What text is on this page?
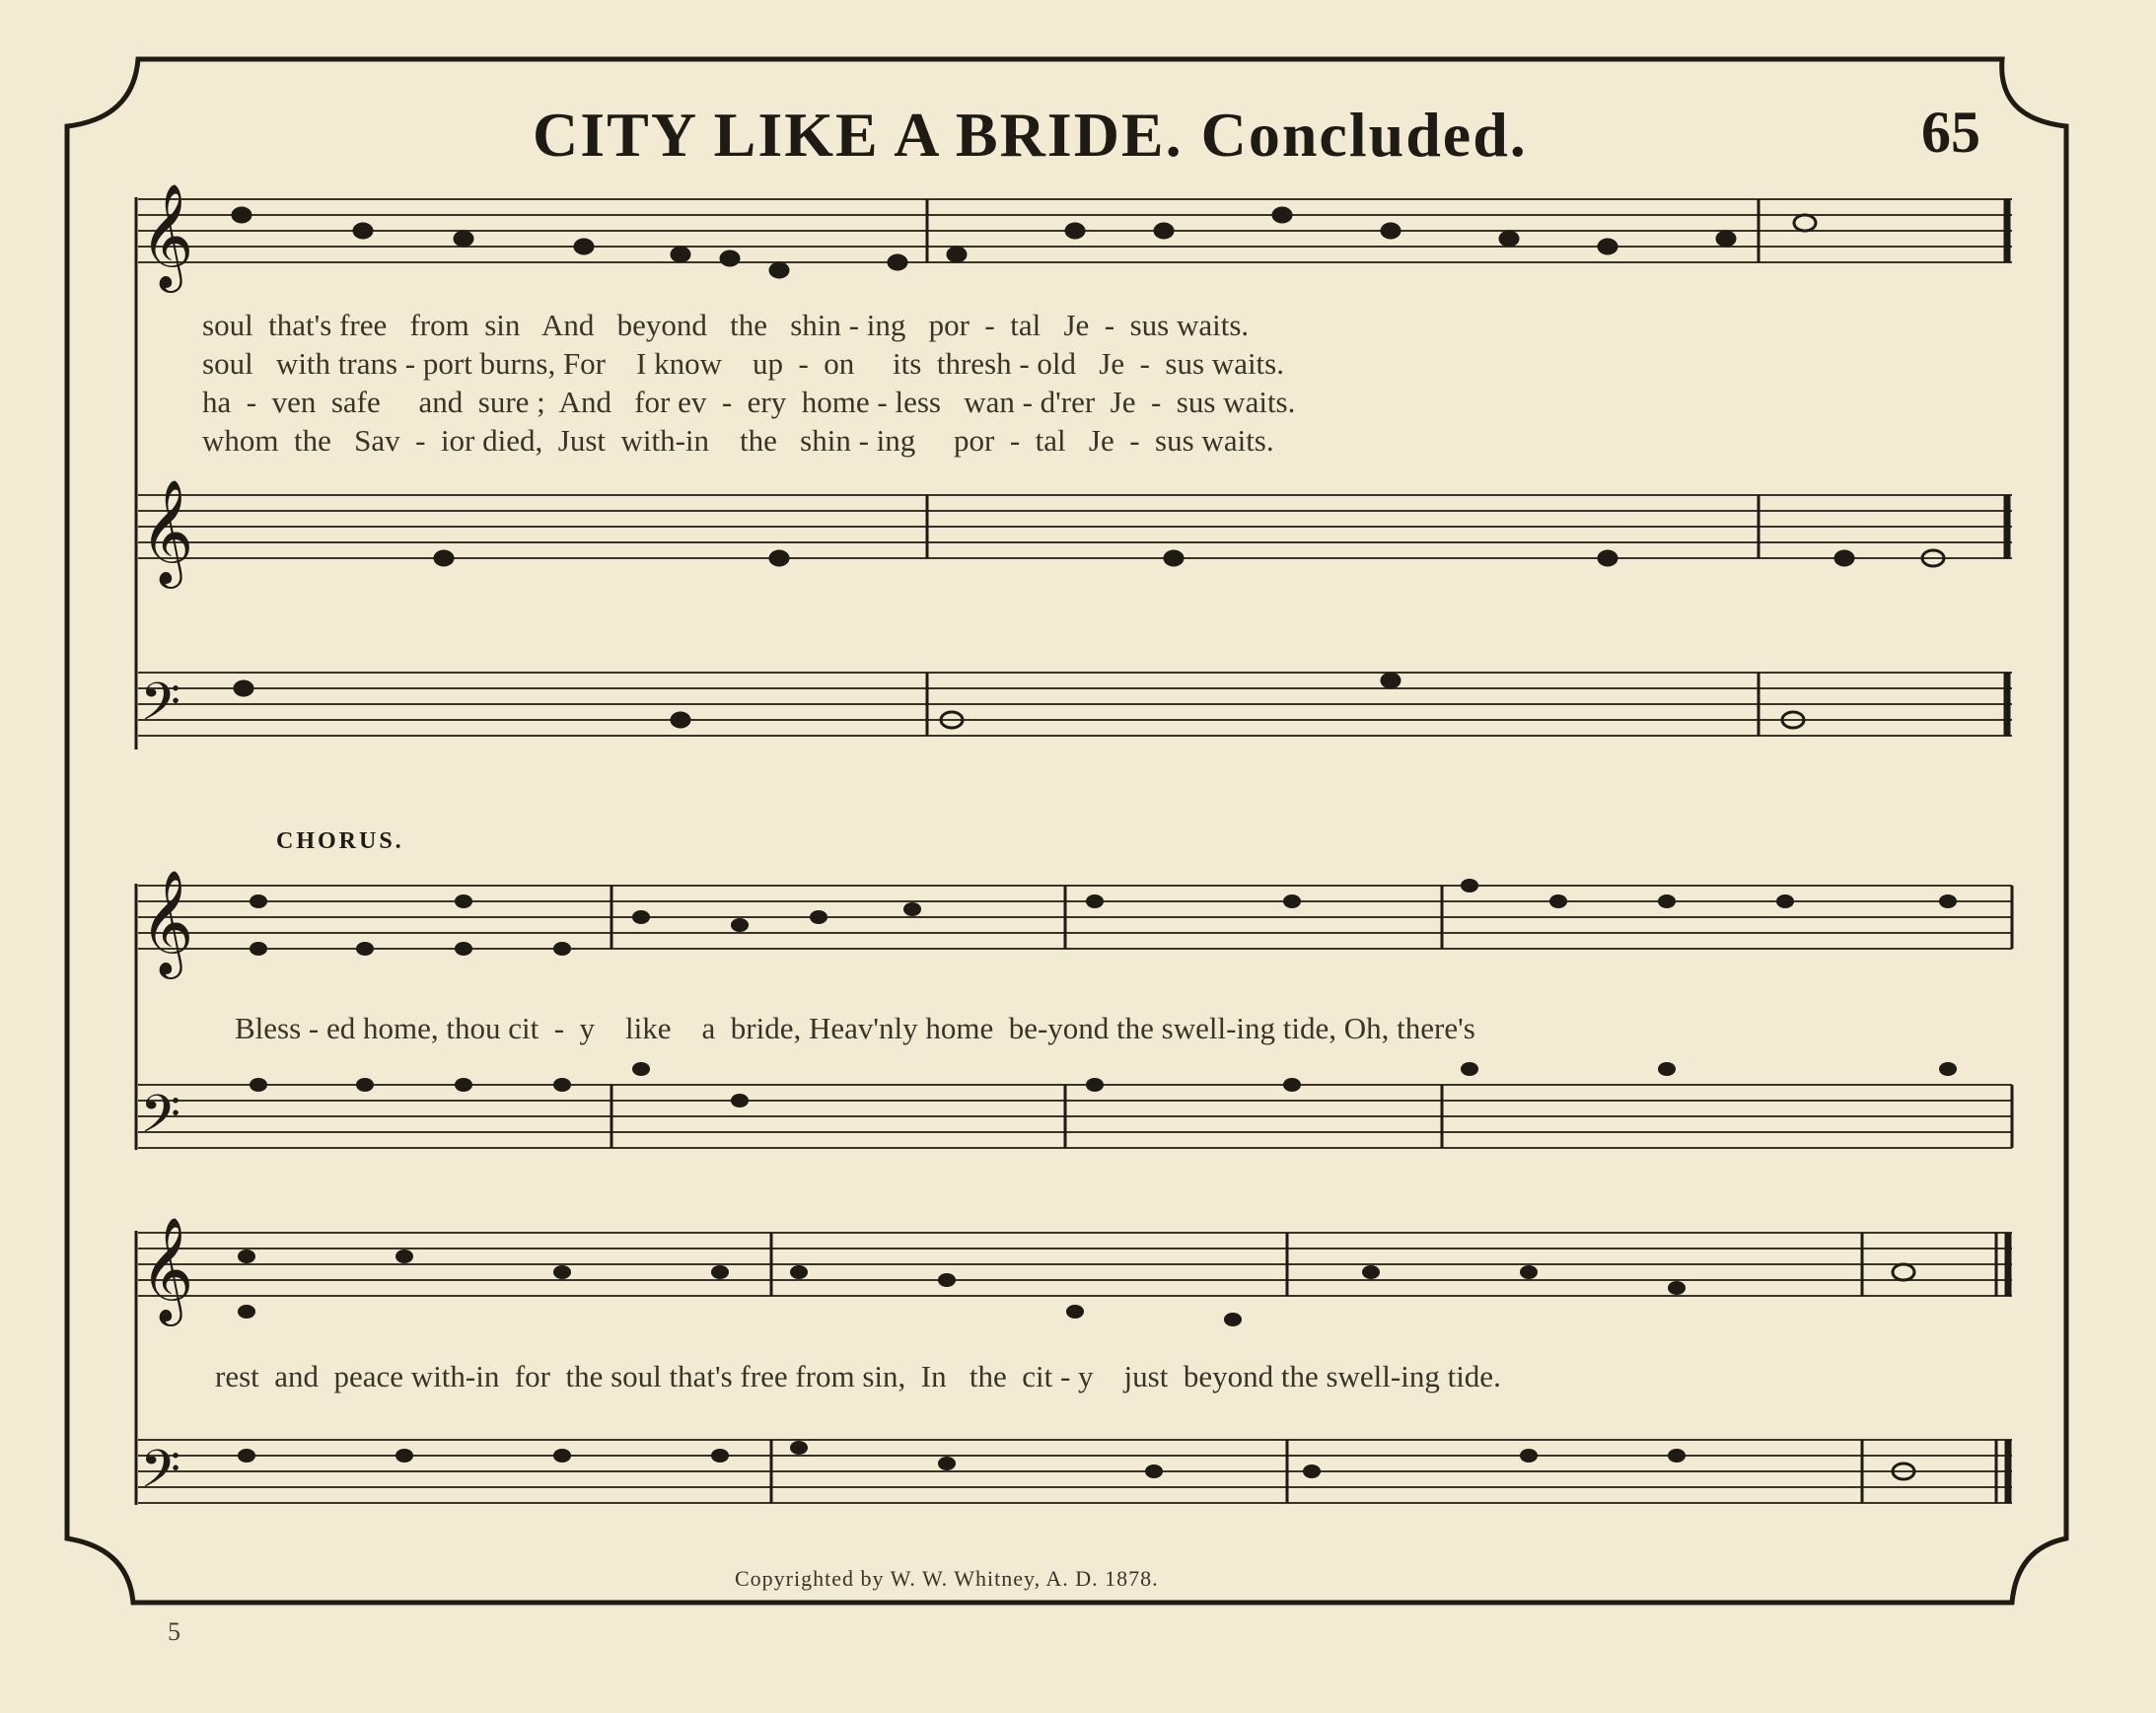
𝄞
𝄞
𝄢
𝄞
𝄢
𝄞
𝄢
CITY LIKE A BRIDE. Concluded.	65
soul  that's free   from  sin   And   beyond   the   shin - ing   por  -  tal   Je  -  sus waits.
soul   with trans - port burns, For    I know    up  -  on     its  thresh - old   Je  -  sus waits.
ha  -  ven  safe     and  sure ;  And   for ev  -  ery  home - less   wan - d'rer  Je  -  sus waits.
whom  the   Sav  -  ior died,  Just  with-in    the   shin - ing     por  -  tal   Je  -  sus waits.
CHORUS.
Bless - ed home, thou cit  -  y    like    a  bride, Heav'nly home  be-yond the swell-ing tide, Oh, there's
rest  and  peace with-in  for  the soul that's free from sin,  In   the  cit - y    just  beyond the swell-ing tide.
Copyrighted by W. W. Whitney, A. D. 1878.
5
